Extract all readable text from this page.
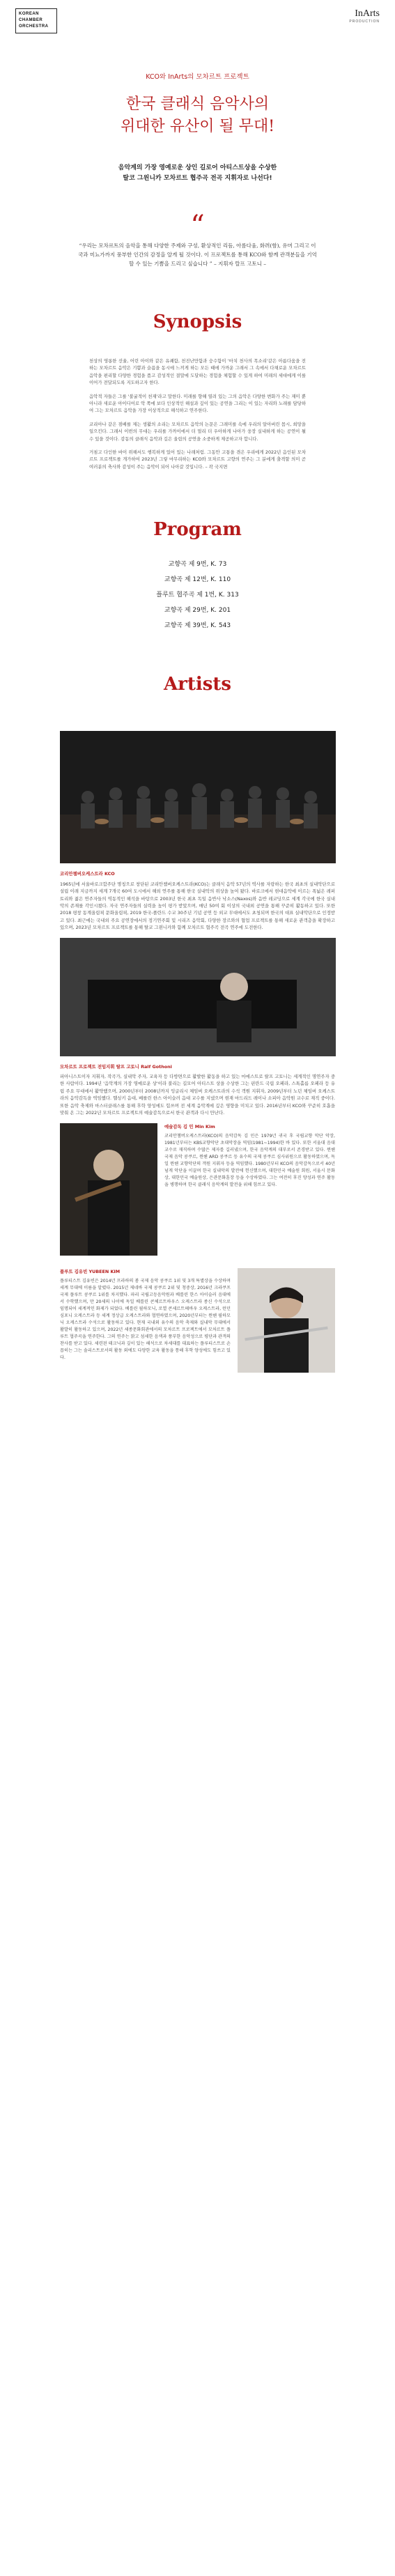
KOREAN
CHAMBER
ORCHESTRA
InArts
PRODUCTION
KCO와 InArts의 모차르트 프로젝트
한국 클래식 음악사의
위대한 유산이 될 무대!
음악계의 가장 영예로운 상인 길로어 아티스트상을 수상한
탈코 그윈니카 모차르트 협주곡 전곡 지휘자로 나선다!
“
“우리는 모차르트의 음악을 통해 다양한 주제와 구성, 환상적인 리듬, 아름다움, 화려(함), 유머 그리고 이국과 미뇨가까지 풍부한 인간의 감정을 알게 될 것이다. 이 프로젝트를 통해 KCO와 함께 관객분들을 기억할 수 있는 기쁨을 드리고 싶습니다 ” – 지휘자 랄프 고토니 –
Synopsis

천상의 영롱한 선율, 어린 아이와 같은 유쾌함, 천진난만함과 숭수함이 '마치 천사의 목소리'같은 아름다움을 전하는 모차르트 음악은 기쁨과 슬픔을 동시에 느끼게 하는 모든 때에 가까운 그래서 그 속에서 다채로운 모차르트 음악을 편리할 다양한 경험을 품고 감성적인 결말에 도달하는 경험을 체험할 수 있게 하여 미래의 세대에게 이를 이어가 전달되도록 지도하고자 한다.

음악적 자들은 그를 '불굴적이 천재'라고 말한다. 미래를 향해 열려 있는 그의 음악은 다양한 변화가 주는 재미 뿐 아니라 새로운 아이디어로 악 쪽에 보다 인상적인 해설과 깊이 있는 공연을 그리는 이 있는 자리와 노래를 담당하여 그는 모차르트 음악을 가장 이상적으로 해석하고 연주한다.

코리아나 같은 점배를 제는 생활의 소리는 모차르트 음악의 논문은 그래미를 속에 우리의 알아버린 몹시, 희망을 일으킨다. 그래서 이번의 무대는 우리를 가까이에서 더 멀리 더 우아하게 나아가 웅장 실내하게 하는 공연이 될 수 있을 것이다. 감동의 클래식 음악과 깊은 울림의 공연을 소중하게 제공하고자 합니다.

거침고 다인한 바이 위해서도 행복하게 있어 있는 나래처럼. 그동안 고통을 겪은 우리에게 2022년 음인된 모차르트 프로젝트를 개가하여 2023년 그렇 마무리하는 KCO와 모차르트 고향의 연주는 그 분에게 출격할 의미 곧 여러분의 축사와 감성이 주는 음악이 되어 나아갈 것입니다. – 곽 국지면

Program
교향곡 제 9번, K. 73
교향곡 제 12번, K. 110
플루트 협주곡 제 1번, K. 313
교향곡 제 29번, K. 201
교향곡 제 39번, K. 543
Artists
코리안챔버오케스트라 KCO

1965년에 서울바로크합주단 명칭으로 창단된 코리안챔버오케스트라(KCO)는 클래식 음악 57년의 역사를 자랑하는 한국 최초의 실내악단으로 설립 이래 지금까지 세계 7개국 60여 도시에서 해외 연주를 통해 한국 실내악의 위상을 높여 왔다. 바로크에서 현대음악에 이르는 폭넓은 레퍼토리와 젊은 연주자들의 역동적인 해석을 바탕으로 2003년 한국 최초 독일 음반사 낙소스(Naxos)와 음반 레코딩으로 세계 각국에 한국 실내악의 존재를 각인시켰다. 자국 연주자들의 실력을 높이 평가 받았으며, 매년 50여 회 이상의 국내외 공연을 통해 꾸준히 활동하고 있다. 또한 2018 평창 동계올림픽 문화올림픽, 2019 한국-폴란드 수교 30주년 기념 공연 등 외교 무대에서도 초청되며 한국의 대표 실내악단으로 인정받고 있다. 최근에는 국내외 주요 공연장에서의 정기연주회 및 시리즈 음악회, 다양한 장르와의 협업 프로젝트를 통해 새로운 관객층을 확장하고 있으며, 2023년 모차르트 프로젝트를 통해 탈코 그윈니카와 함께 모차르트 협주곡 전곡 연주에 도전한다.

모차르트 프로젝트 전임지휘 랄프 고토니 Ralf Gothoni

피아니스트이자 지휘자, 작곡가, 실내악 주자, 교육자 등 다방면으로 활발한 활동을 하고 있는 마에스트로 랄프 고토니는 세계적인 명연주자 중 한 사람이다. 1994년 '음악계의 가장 영예로운 상'이라 불리는 길모어 아티스트 상을 수상한 그는 핀란드 국립 오페라, 스톡홀름 오페라 등 유럽 주요 무대에서 활약했으며, 2000년부터 2008년까지 잉글리시 체임버 오케스트라의 수석 객원 지휘자, 2009년부터 노던 체임버 오케스트라의 음악감독을 역임했다. 헬싱키 음대, 베를린 한스 아이슬러 음대 교수를 지냈으며 현재 마드리드 레이나 소피아 음악원 교수로 재직 중이다. 또한 음악 축제와 마스터클래스를 통해 후학 양성에도 힘쓰며 전 세계 음악계에 깊은 영향을 미치고 있다. 2016년부터 KCO와 꾸준히 호흡을 맞춰 온 그는 2022년 모차르트 프로젝트의 예술감독으로서 한국 관객과 다시 만난다.

예술감독 김 민 Min Kim

코리안챔버오케스트라(KCO)의 음악감독 김 민은 1979년 귀국 후 국립교향 악단 악장, 1981년부터는 KBS교향악단 초대악장을 역임(1981~1994)한 바 있다. 또한 서울대 음대 교수로 재직하며 수많은 제자를 길러냈으며, 한국 음악계의 대부로서 존경받고 있다. 뮌헨 국제 음악 콩쿠르, 뮌헨 ARD 콩쿠르 등 유수의 국제 콩쿠르 심사위원으로 활동하였으며, 독일 뮌헨 교향악단의 객원 지휘자 등을 역임했다. 1980년부터 KCO의 음악감독으로서 40년 넘게 악단을 이끌며 한국 실내악의 발전에 헌신했으며, 대한민국 예술원 회원, 서울시 문화상, 대한민국 예술원상, 은관문화훈장 등을 수상하였다. 그는 여전히 후진 양성과 연주 활동을 병행하며 한국 클래식 음악계의 발전을 위해 힘쓰고 있다.

플루트 김유빈 YUBEEN KIM

플루티스트 김유빈은 2014년 프라하의 봄 국제 음악 콩쿠르 1위 및 3개 특별상을 수상하며 세계 무대에 이름을 알렸다. 2015년 제네바 국제 콩쿠르 2위 및 청중상, 2016년 크라쿠프 국제 플루트 콩쿠르 1위를 차지했다. 파리 국립고등음악원과 베를린 한스 아이슬러 음대에서 수학했으며, 만 20세의 나이에 독일 베를린 콘체르트하우스 오케스트라 종신 수석으로 임명되어 세계적인 화제가 되었다. 베를린 필하모닉, 로열 콘세르트헤바우 오케스트라, 런던 심포니 오케스트라 등 세계 정상급 오케스트라와 협연하였으며, 2020년부터는 뮌헨 필하모닉 오케스트라 수석으로 활동하고 있다. 현재 국내외 유수의 음악 축제와 실내악 무대에서 활발히 활동하고 있으며, 2022년 세종문화회관에서의 모차르트 프로젝트에서 모차르트 플루트 협주곡을 연주한다. 그의 연주는 맑고 섬세한 음색과 풍부한 음악성으로 평단과 관객의 찬사를 받고 있다. 세련된 테크닉과 깊이 있는 해석으로 차세대를 대표하는 플루티스트로 손꼽히는 그는 솔리스트로서의 활동 외에도 다양한 교육 활동을 통해 후학 양성에도 힘쓰고 있다.
